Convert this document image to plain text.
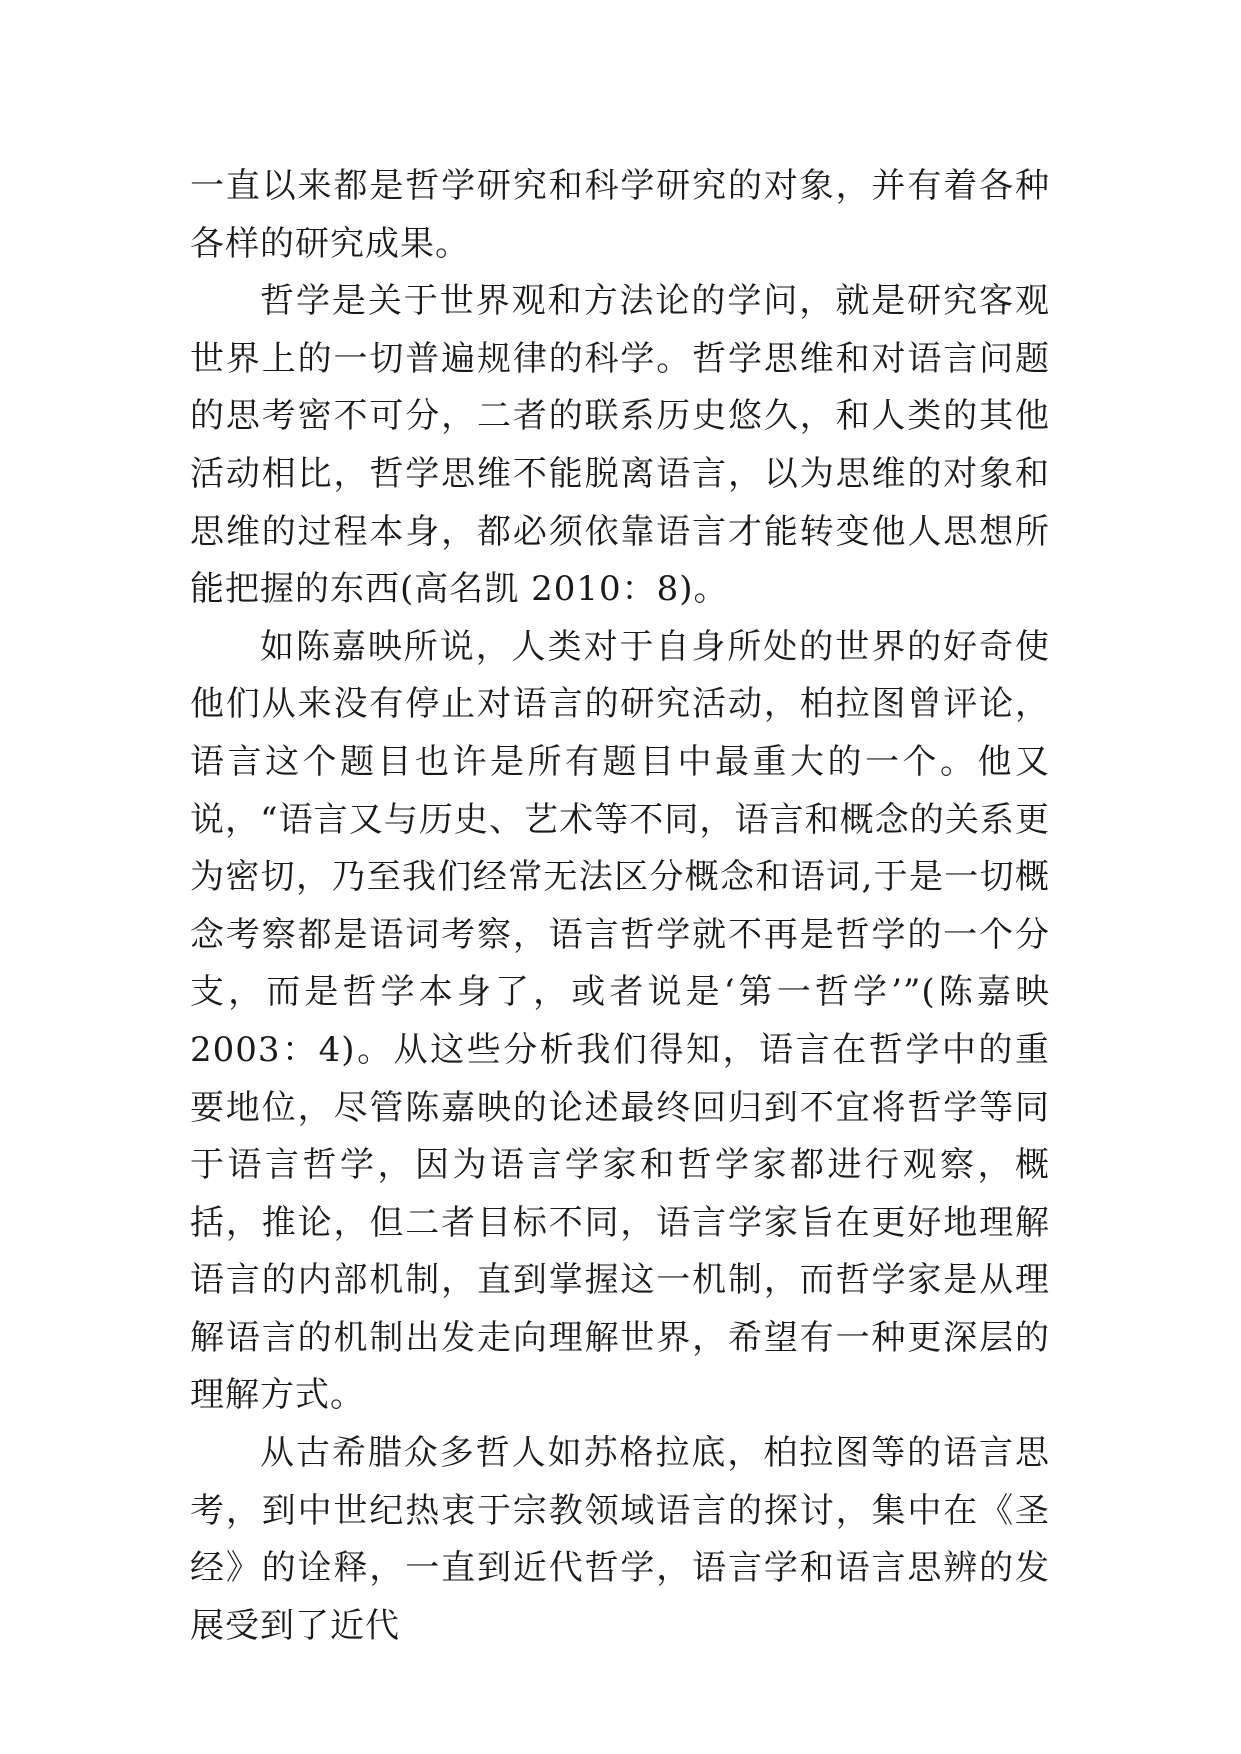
一直以来都是哲学研究和科学研究的对象，并有着各种各样的研究成果。

哲学是关于世界观和方法论的学问，就是研究客观世界上的一切普遍规律的科学。哲学思维和对语言问题的思考密不可分，二者的联系历史悠久，和人类的其他活动相比，哲学思维不能脱离语言，以为思维的对象和思维的过程本身，都必须依靠语言才能转变他人思想所能把握的东西(高名凯 2010：8)。

如陈嘉映所说，人类对于自身所处的世界的好奇使他们从来没有停止对语言的研究活动，柏拉图曾评论，语言这个题目也许是所有题目中最重大的一个。他又说，“语言又与历史、艺术等不同，语言和概念的关系更为密切，乃至我们经常无法区分概念和语词,于是一切概念考察都是语词考察，语言哲学就不再是哲学的一个分支，而是哲学本身了，或者说是‘第一哲学’”(陈嘉映 2003：4)。从这些分析我们得知，语言在哲学中的重要地位，尽管陈嘉映的论述最终回归到不宜将哲学等同于语言哲学，因为语言学家和哲学家都进行观察，概括，推论，但二者目标不同，语言学家旨在更好地理解语言的内部机制，直到掌握这一机制，而哲学家是从理解语言的机制出发走向理解世界，希望有一种更深层的理解方式。

从古希腊众多哲人如苏格拉底，柏拉图等的语言思考，到中世纪热衷于宗教领域语言的探讨，集中在《圣经》的诠释，一直到近代哲学，语言学和语言思辨的发展受到了近代
